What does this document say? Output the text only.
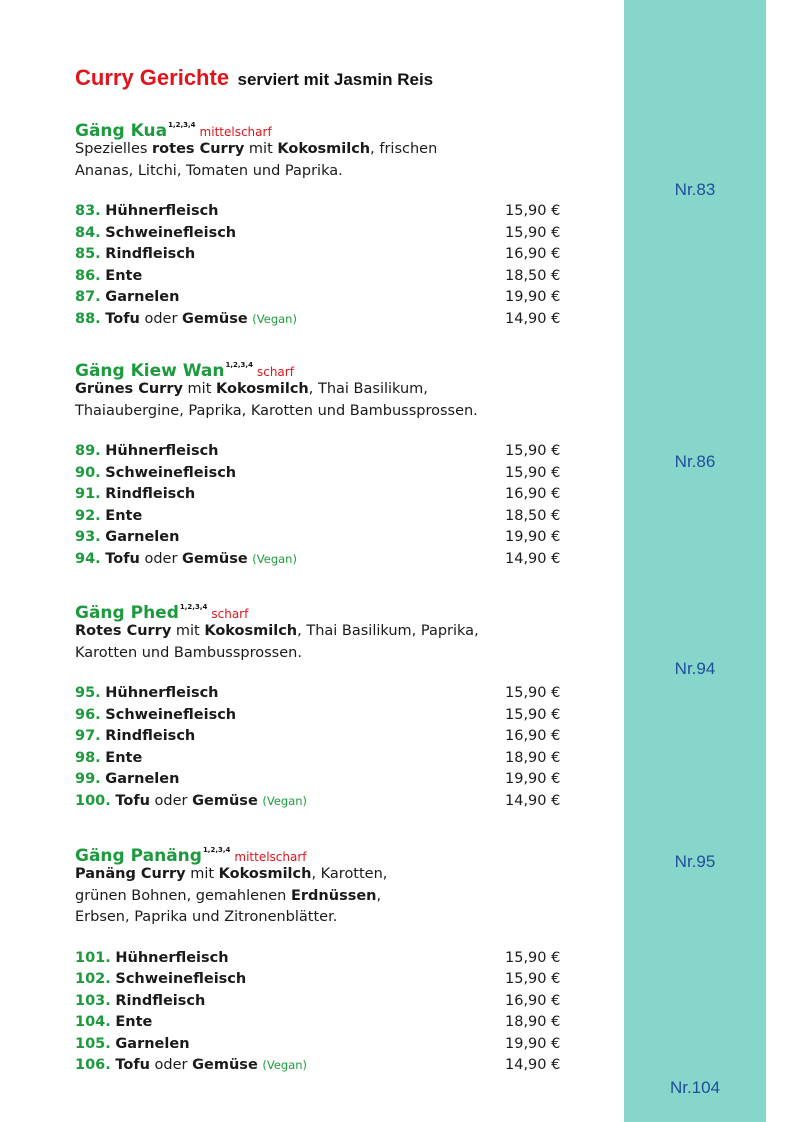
Nr.83
Nr.86
Nr.94
Nr.95
Nr.104
Curry Gerichte serviert mit Jasmin Reis
Gäng Kua$^{1,2,3,4}$ mittelscharf
Spezielles rotes Curry mit Kokosmilch, frischen
Ananas, Litchi, Tomaten und Paprika.
83. Hühnerfleisch	15,90 €
84. Schweinefleisch	15,90 €
85. Rindfleisch	16,90 €
86. Ente	18,50 €
87. Garnelen	19,90 €
88. Tofu oder Gemüse (Vegan)	14,90 €
Gäng Kiew Wan$^{1,2,3,4}$ scharf
Grünes Curry mit Kokosmilch, Thai Basilikum,
Thaiaubergine, Paprika, Karotten und Bambussprossen.
89. Hühnerfleisch	15,90 €
90. Schweinefleisch	15,90 €
91. Rindfleisch	16,90 €
92. Ente	18,50 €
93. Garnelen	19,90 €
94. Tofu oder Gemüse (Vegan)	14,90 €
Gäng Phed$^{1,2,3,4}$ scharf
Rotes Curry mit Kokosmilch, Thai Basilikum, Paprika,
Karotten und Bambussprossen.
95. Hühnerfleisch	15,90 €
96. Schweinefleisch	15,90 €
97. Rindfleisch	16,90 €
98. Ente	18,90 €
99. Garnelen	19,90 €
100. Tofu oder Gemüse (Vegan)	14,90 €
Gäng Panäng$^{1,2,3,4}$ mittelscharf
Panäng Curry mit Kokosmilch, Karotten,
grünen Bohnen, gemahlenen Erdnüssen,
Erbsen, Paprika und Zitronenblätter.
101. Hühnerfleisch	15,90 €
102. Schweinefleisch	15,90 €
103. Rindfleisch	16,90 €
104. Ente	18,90 €
105. Garnelen	19,90 €
106. Tofu oder Gemüse (Vegan)	14,90 €
